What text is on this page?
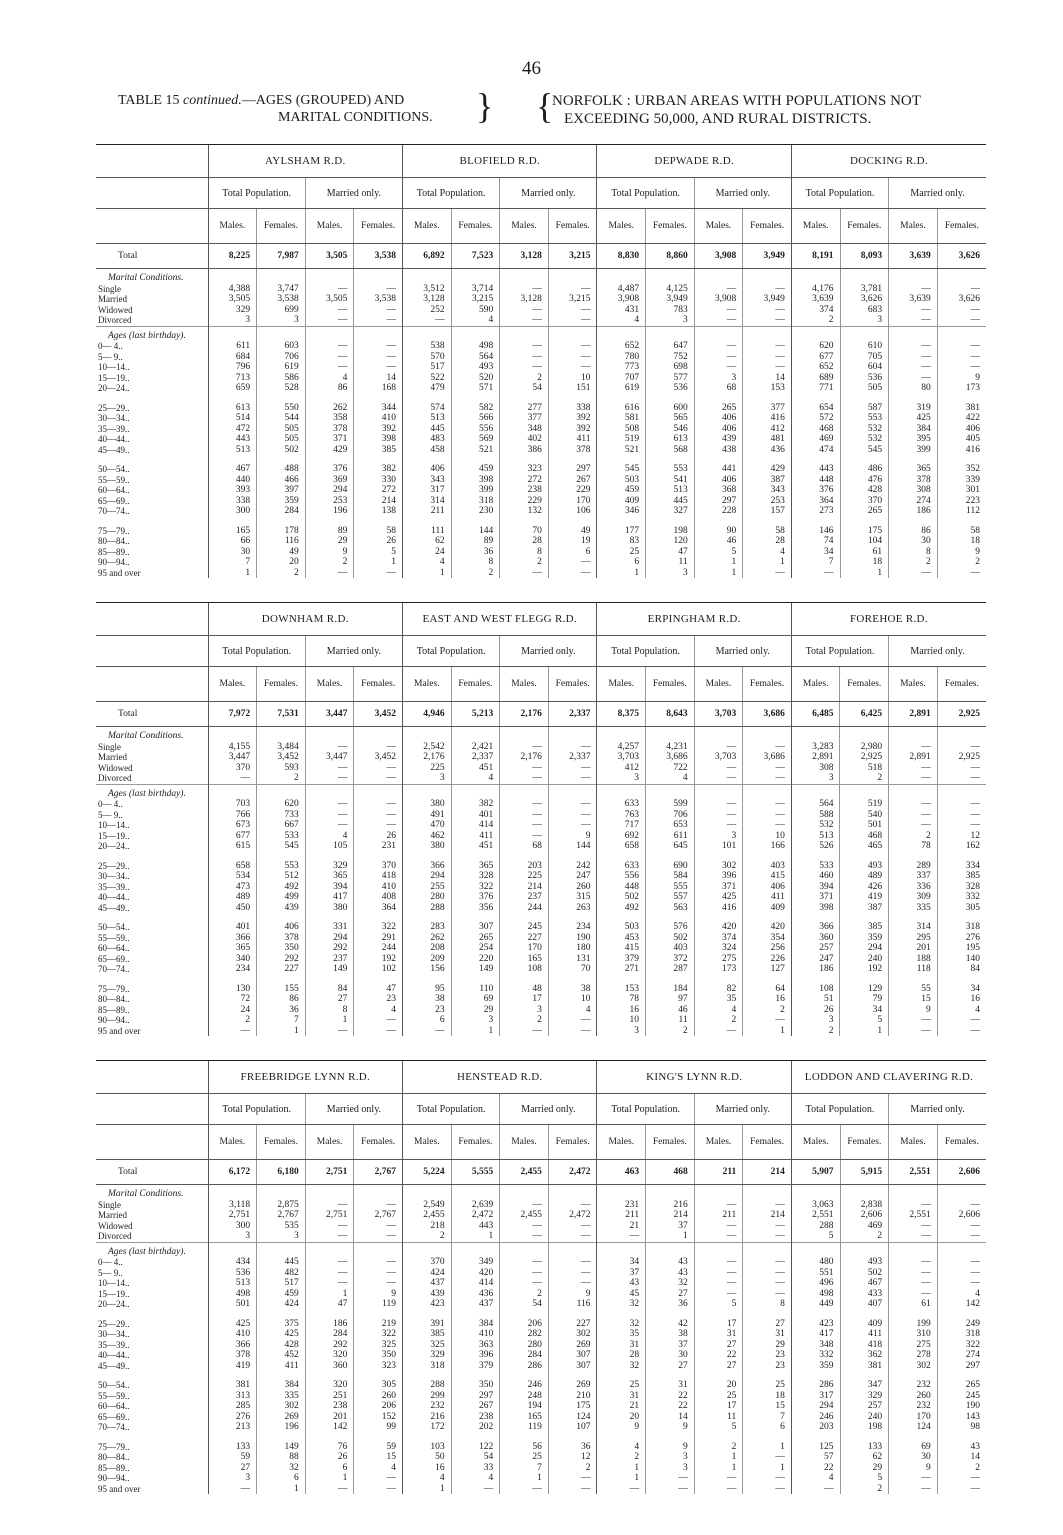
46
TABLE 15 continued.—AGES (GROUPED) AND
MARITAL CONDITIONS.	} {
NORFOLK : URBAN AREAS WITH POPULATIONS NOT
EXCEEDING 50,000, AND RURAL DISTRICTS.
	AYLSHAM R.D.				BLOFIELD R.D.				DEPWADE R.D.				DOCKING R.D.			
	Total Population.		Married only.		Total Population.		Married only.		Total Population.		Married only.		Total Population.		Married only.	
	Males.	Females.	Males.	Females.	Males.	Females.	Males.	Females.	Males.	Females.	Males.	Females.	Males.	Females.	Males.	Females.
Total	8,225	7,987	3,505	3,538	6,892	7,523	3,128	3,215	8,830	8,860	3,908	3,949	8,191	8,093	3,639	3,626
Marital Conditions.																
Single	4,388	3,747	—	—	3,512	3,714	—	—	4,487	4,125	—	—	4,176	3,781	—	—
Married	3,505	3,538	3,505	3,538	3,128	3,215	3,128	3,215	3,908	3,949	3,908	3,949	3,639	3,626	3,639	3,626
Widowed	329	699	—	—	252	590	—	—	431	783	—	—	374	683	—	—
Divorced	3	3	—	—	—	4	—	—	4	3	—	—	2	3	—	—
Ages (last birthday).																
0— 4..	611	603	—	—	538	498	—	—	652	647	—	—	620	610	—	—
5— 9..	684	706	—	—	570	564	—	—	780	752	—	—	677	705	—	—
10—14..	796	619	—	—	517	493	—	—	773	698	—	—	652	604	—	—
15—19..	713	586	4	14	522	520	2	10	707	577	3	14	689	536	—	9
20—24..	659	528	86	168	479	571	54	151	619	536	68	153	771	505	80	173

25—29..	613	550	262	344	574	582	277	338	616	600	265	377	654	587	319	381
30—34..	514	544	358	410	513	566	377	392	581	565	406	416	572	553	425	422
35—39..	472	505	378	392	445	556	348	392	508	546	406	412	468	532	384	406
40—44..	443	505	371	398	483	569	402	411	519	613	439	481	469	532	395	405
45—49..	513	502	429	385	458	521	386	378	521	568	438	436	474	545	399	416

50—54..	467	488	376	382	406	459	323	297	545	553	441	429	443	486	365	352
55—59..	440	466	369	330	343	398	272	267	503	541	406	387	448	476	378	339
60—64..	393	397	294	272	317	399	238	229	459	513	368	343	376	428	308	301
65—69..	338	359	253	214	314	318	229	170	409	445	297	253	364	370	274	223
70—74..	300	284	196	138	211	230	132	106	346	327	228	157	273	265	186	112

75—79..	165	178	89	58	111	144	70	49	177	198	90	58	146	175	86	58
80—84..	66	116	29	26	62	89	28	19	83	120	46	28	74	104	30	18
85—89..	30	49	9	5	24	36	8	6	25	47	5	4	34	61	8	9
90—94..	7	20	2	1	4	8	2	—	6	11	1	1	7	18	2	2
95 and over	1	2	—	—	1	2	—	—	1	3	1	—	—	1	—	—
	DOWNHAM R.D.				EAST AND WEST FLEGG R.D.				ERPINGHAM R.D.				FOREHOE R.D.			
	Total Population.		Married only.		Total Population.		Married only.		Total Population.		Married only.		Total Population.		Married only.	
	Males.	Females.	Males.	Females.	Males.	Females.	Males.	Females.	Males.	Females.	Males.	Females.	Males.	Females.	Males.	Females.
Total	7,972	7,531	3,447	3,452	4,946	5,213	2,176	2,337	8,375	8,643	3,703	3,686	6,485	6,425	2,891	2,925
Marital Conditions.																
Single	4,155	3,484	—	—	2,542	2,421	—	—	4,257	4,231	—	—	3,283	2,980	—	—
Married	3,447	3,452	3,447	3,452	2,176	2,337	2,176	2,337	3,703	3,686	3,703	3,686	2,891	2,925	2,891	2,925
Widowed	370	593	—	—	225	451	—	—	412	722	—	—	308	518	—	—
Divorced	—	2	—	—	3	4	—	—	3	4	—	—	3	2	—	—
Ages (last birthday).																
0— 4..	703	620	—	—	380	382	—	—	633	599	—	—	564	519	—	—
5— 9..	766	733	—	—	491	401	—	—	763	706	—	—	588	540	—	—
10—14..	673	667	—	—	470	414	—	—	717	653	—	—	532	501	—	—
15—19..	677	533	4	26	462	411	—	9	692	611	3	10	513	468	2	12
20—24..	615	545	105	231	380	451	68	144	658	645	101	166	526	465	78	162

25—29..	658	553	329	370	366	365	203	242	633	690	302	403	533	493	289	334
30—34..	534	512	365	418	294	328	225	247	556	584	396	415	460	489	337	385
35—39..	473	492	394	410	255	322	214	260	448	555	371	406	394	426	336	328
40—44..	489	499	417	408	280	376	237	315	502	557	425	411	371	419	309	332
45—49..	450	439	380	364	288	356	244	263	492	563	416	409	398	387	335	305

50—54..	401	406	331	322	283	307	245	234	503	576	420	420	366	385	314	318
55—59..	366	378	294	291	262	265	227	190	453	502	374	354	360	359	295	276
60—64..	365	350	292	244	208	254	170	180	415	403	324	256	257	294	201	195
65—69..	340	292	237	192	209	220	165	131	379	372	275	226	247	240	188	140
70—74..	234	227	149	102	156	149	108	70	271	287	173	127	186	192	118	84

75—79..	130	155	84	47	95	110	48	38	153	184	82	64	108	129	55	34
80—84..	72	86	27	23	38	69	17	10	78	97	35	16	51	79	15	16
85—89..	24	36	8	4	23	29	3	4	16	46	4	2	26	34	9	4
90—94..	2	7	1	—	6	3	2	—	10	11	2	—	3	5	—	—
95 and over	—	1	—	—	—	1	—	—	3	2	—	1	2	1	—	—
	FREEBRIDGE LYNN R.D.				HENSTEAD R.D.				KING'S LYNN R.D.				LODDON AND CLAVERING R.D.			
	Total Population.		Married only.		Total Population.		Married only.		Total Population.		Married only.		Total Population.		Married only.	
	Males.	Females.	Males.	Females.	Males.	Females.	Males.	Females.	Males.	Females.	Males.	Females.	Males.	Females.	Males.	Females.
Total	6,172	6,180	2,751	2,767	5,224	5,555	2,455	2,472	463	468	211	214	5,907	5,915	2,551	2,606
Marital Conditions.																
Single	3,118	2,875	—	—	2,549	2,639	—	—	231	216	—	—	3,063	2,838	—	—
Married	2,751	2,767	2,751	2,767	2,455	2,472	2,455	2,472	211	214	211	214	2,551	2,606	2,551	2,606
Widowed	300	535	—	—	218	443	—	—	21	37	—	—	288	469	—	—
Divorced	3	3	—	—	2	1	—	—	—	1	—	—	5	2	—	—
Ages (last birthday).																
0— 4..	434	445	—	—	370	349	—	—	34	43	—	—	480	493	—	—
5— 9..	536	482	—	—	424	420	—	—	37	43	—	—	551	502	—	—
10—14..	513	517	—	—	437	414	—	—	43	32	—	—	496	467	—	—
15—19..	498	459	1	9	439	436	2	9	45	27	—	—	498	433	—	4
20—24..	501	424	47	119	423	437	54	116	32	36	5	8	449	407	61	142

25—29..	425	375	186	219	391	384	206	227	32	42	17	27	423	409	199	249
30—34..	410	425	284	322	385	410	282	302	35	38	31	31	417	411	310	318
35—39..	366	428	292	325	325	363	280	269	31	37	27	29	348	418	275	322
40—44..	378	452	320	350	329	396	284	307	28	30	22	23	332	362	278	274
45—49..	419	411	360	323	318	379	286	307	32	27	27	23	359	381	302	297

50—54..	381	384	320	305	288	350	246	269	25	31	20	25	286	347	232	265
55—59..	313	335	251	260	299	297	248	210	31	22	25	18	317	329	260	245
60—64..	285	302	238	206	232	267	194	175	21	22	17	15	294	257	232	190
65—69..	276	269	201	152	216	238	165	124	20	14	11	7	246	240	170	143
70—74..	213	196	142	99	172	202	119	107	9	9	5	6	203	198	124	98

75—79..	133	149	76	59	103	122	56	36	4	9	2	1	125	133	69	43
80—84..	59	88	26	15	50	54	25	12	2	3	1	—	57	62	30	14
85—89..	27	32	6	4	16	33	7	2	1	3	1	1	22	29	9	2
90—94..	3	6	1	—	4	4	1	—	1	—	—	—	4	5	—	—
95 and over	—	1	—	—	1	—	—	—	—	—	—	—	—	2	—	—
